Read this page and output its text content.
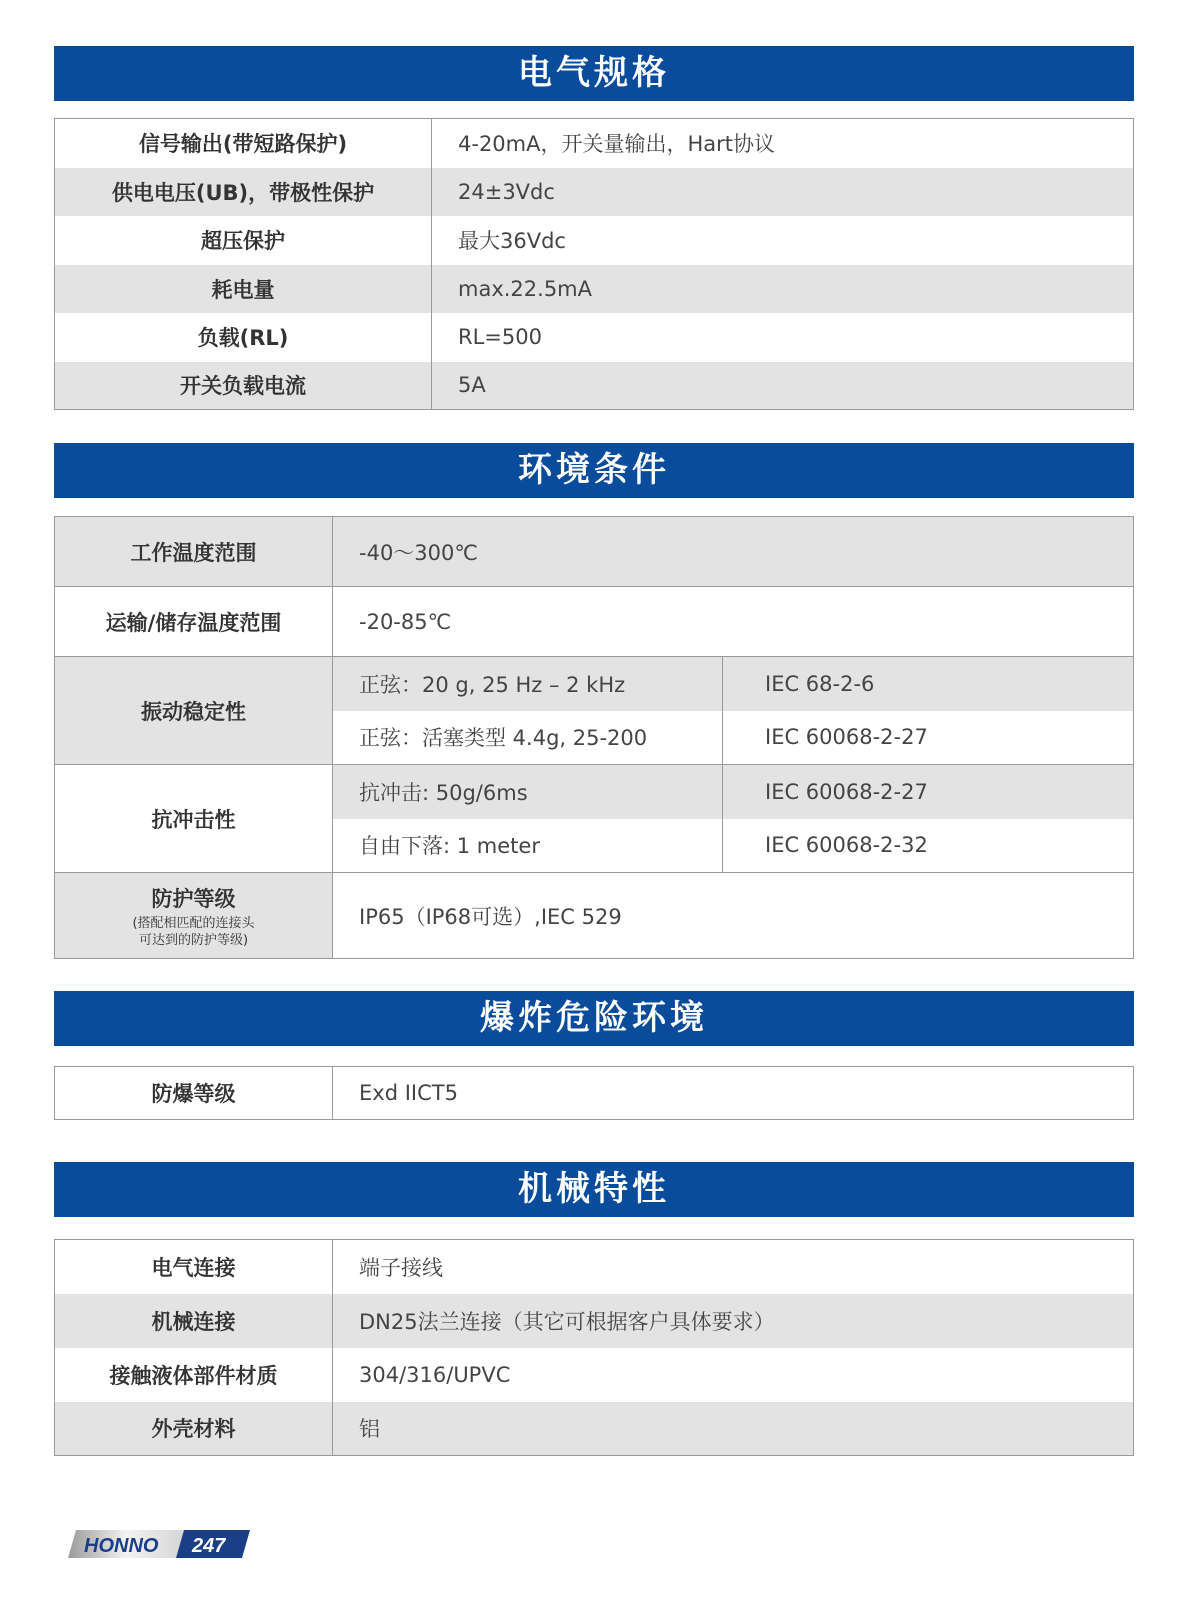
电气规格
信号输出(带短路保护)	4-20mA，开关量输出，Hart协议
供电电压(UB)，带极性保护	24±3Vdc
超压保护	最大36Vdc
耗电量	max.22.5mA
负载(RL)	RL=500
开关负载电流	5A
环境条件
工作温度范围	-40～300℃	
运输/储存温度范围	-20-85℃	
振动稳定性	正弦：20 g, 25 Hz – 2 kHz	IEC 68-2-6
	正弦：活塞类型 4.4g, 25-200	IEC 60068-2-27
抗冲击性	抗冲击: 50g/6ms	IEC 60068-2-27
	自由下落: 1 meter	IEC 60068-2-32
防护等级
(搭配相匹配的连接头
可达到的防护等级)	IP65（IP68可选）,IEC 529	
爆炸危险环境
防爆等级	Exd IICT5
机械特性
电气连接	端子接线
机械连接	DN25法兰连接（其它可根据客户具体要求）
接触液体部件材质	304/316/UPVC
外壳材料	铝
HONNO 247
